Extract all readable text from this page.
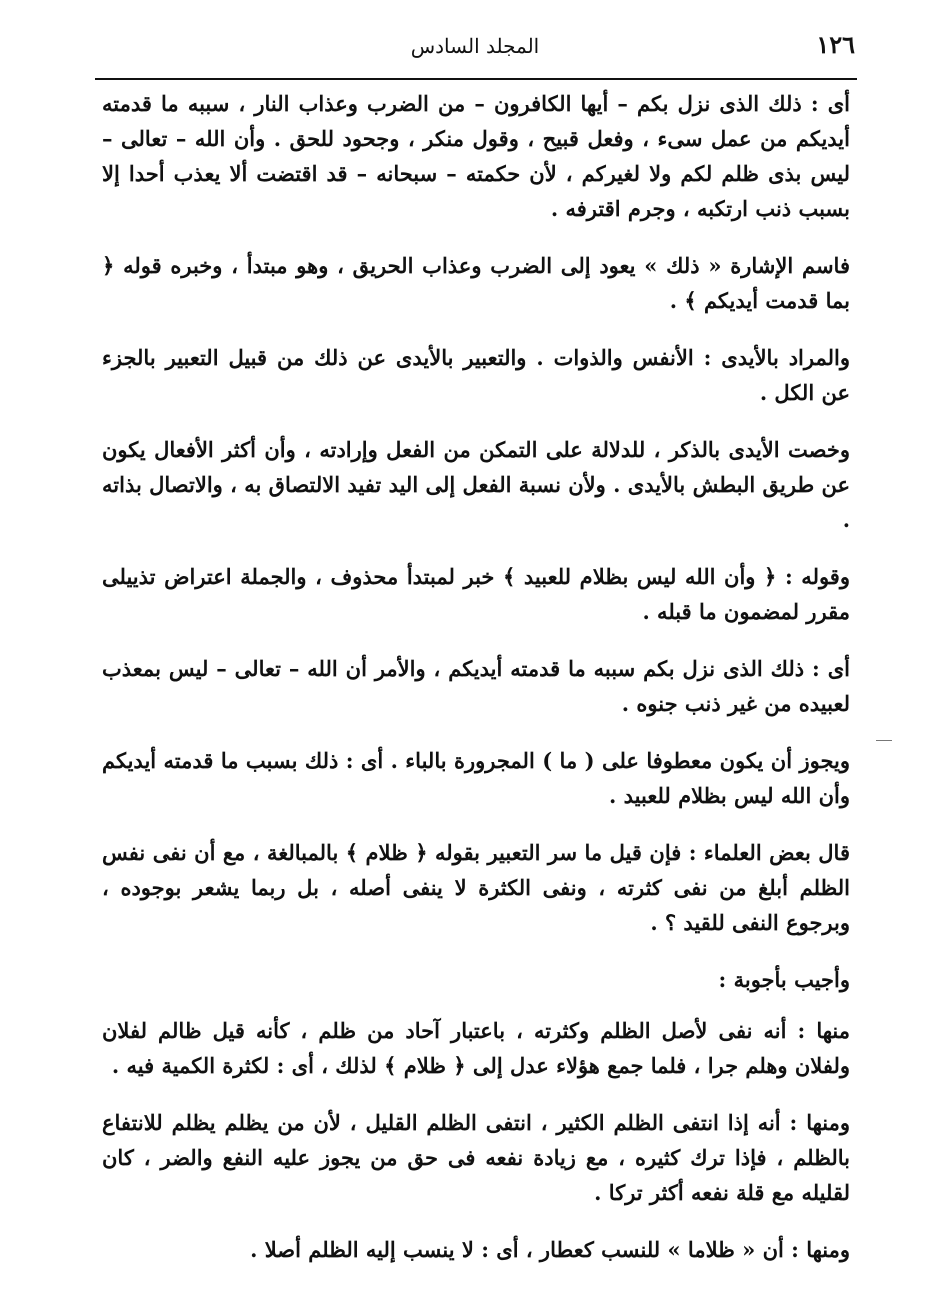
١٢٦
المجلد السادس

أى : ذلك الذى نزل بكم – أيها الكافرون – من الضرب وعذاب النار ، سببه ما قدمته أيديكم من عمل سىء ، وفعل قبيح ، وقول منكر ، وجحود للحق . وأن الله – تعالى – ليس بذى ظلم لكم ولا لغيركم ، لأن حكمته – سبحانه – قد اقتضت ألا يعذب أحدا إلا بسبب ذنب ارتكبه ، وجرم اقترفه .

فاسم الإشارة « ذلك » يعود إلى الضرب وعذاب الحريق ، وهو مبتدأ ، وخبره قوله ﴿ بما قدمت أيديكم ﴾ .

والمراد بالأيدى : الأنفس والذوات . والتعبير بالأيدى عن ذلك من قبيل التعبير بالجزء عن الكل .

وخصت الأيدى بالذكر ، للدلالة على التمكن من الفعل وإرادته ، وأن أكثر الأفعال يكون عن طريق البطش بالأيدى . ولأن نسبة الفعل إلى اليد تفيد الالتصاق به ، والاتصال بذاته .

وقوله : ﴿ وأن الله ليس بظلام للعبيد ﴾ خبر لمبتدأ محذوف ، والجملة اعتراض تذييلى مقرر لمضمون ما قبله .

أى : ذلك الذى نزل بكم سببه ما قدمته أيديكم ، والأمر أن الله – تعالى – ليس بمعذب لعبيده من غير ذنب جنوه .

ويجوز أن يكون معطوفا على ( ما ) المجرورة بالباء . أى : ذلك بسبب ما قدمته أيديكم وأن الله ليس بظلام للعبيد .

قال بعض العلماء : فإن قيل ما سر التعبير بقوله ﴿ ظلام ﴾ بالمبالغة ، مع أن نفى نفس الظلم أبلغ من نفى كثرته ، ونفى الكثرة لا ينفى أصله ، بل ربما يشعر بوجوده ، وبرجوع النفى للقيد ؟ .

وأجيب بأجوبة :

منها : أنه نفى لأصل الظلم وكثرته ، باعتبار آحاد من ظلم ، كأنه قيل ظالم لفلان ولفلان وهلم جرا ، فلما جمع هؤلاء عدل إلى ﴿ ظلام ﴾ لذلك ، أى : لكثرة الكمية فيه .

ومنها : أنه إذا انتفى الظلم الكثير ، انتفى الظلم القليل ، لأن من يظلم يظلم للانتفاع بالظلم ، فإذا ترك كثيره ، مع زيادة نفعه فى حق من يجوز عليه النفع والضر ، كان لقليله مع قلة نفعه أكثر تركا .

ومنها : أن « ظلاما » للنسب كعطار ، أى : لا ينسب إليه الظلم أصلا .
